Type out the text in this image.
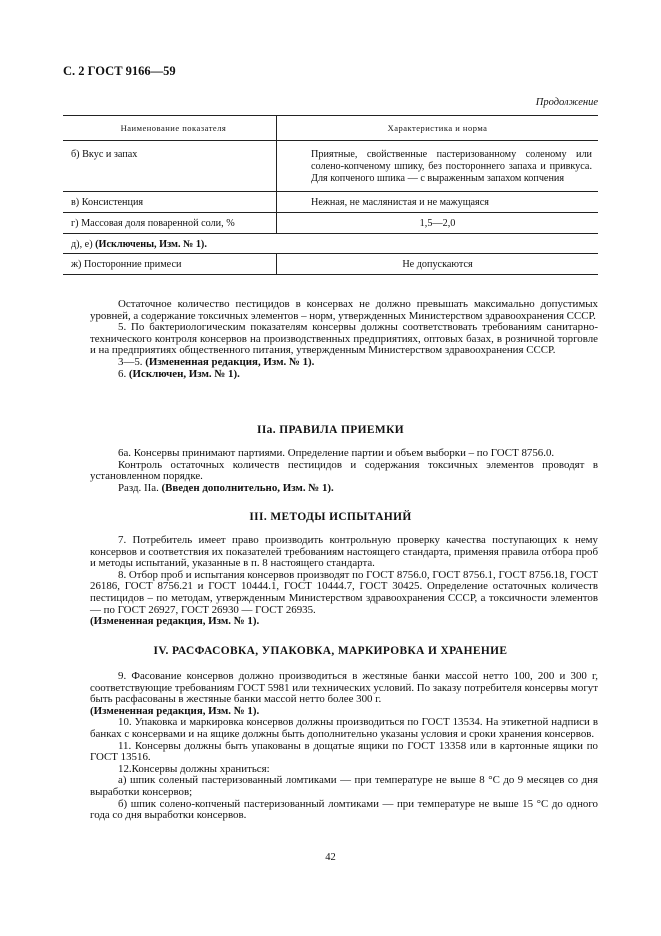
С. 2 ГОСТ 9166—59
Продолжение
Наименование показателя	Характеристика и норма
б) Вкус и запах	Приятные, свойственные пастеризованному соленому или солено-копченому шпику, без постороннего запаха и привкуса. Для копченого шпика — с выраженным запахом копчения
в) Консистенция	Нежная, не маслянистая и не мажущаяся
г) Массовая доля поваренной соли, %	1,5—2,0
д), е) (Исключены, Изм. № 1).	
ж) Посторонние примеси	Не допускаются

Остаточное количество пестицидов в консервах не должно превышать максимально допустимых уровней, а содержание токсичных элементов – норм, утвержденных Министерством здравоохранения СССР.

5. По бактериологическим показателям консервы должны соответствовать требованиям санитарно-технического контроля консервов на производственных предприятиях, оптовых базах, в розничной торговле и на предприятиях общественного питания, утвержденным Министерством здравоохранения СССР.

3—5. (Измененная редакция, Изм. № 1).

6. (Исключен, Изм. № 1).

IIа. ПРАВИЛА ПРИЕМКИ

6а. Консервы принимают партиями. Определение партии и объем выборки – по ГОСТ 8756.0.

Контроль остаточных количеств пестицидов и содержания токсичных элементов проводят в установленном порядке.

Разд. IIа. (Введен дополнительно, Изм. № 1).

III. МЕТОДЫ ИСПЫТАНИЙ

7. Потребитель имеет право производить контрольную проверку качества поступающих к нему консервов и соответствия их показателей требованиям настоящего стандарта, применяя правила отбора проб и методы испытаний, указанные в п. 8 настоящего стандарта.

8. Отбор проб и испытания консервов производят по ГОСТ 8756.0, ГОСТ 8756.1, ГОСТ 8756.18, ГОСТ 26186, ГОСТ 8756.21 и ГОСТ 10444.1, ГОСТ 10444.7, ГОСТ 30425. Определение остаточных количеств пестицидов – по методам, утвержденным Министерством здравоохранения СССР, а токсичности элементов — по ГОСТ 26927, ГОСТ 26930 — ГОСТ 26935.

(Измененная редакция, Изм. № 1).

IV. РАСФАСОВКА, УПАКОВКА, МАРКИРОВКА И ХРАНЕНИЕ

9. Фасование консервов должно производиться в жестяные банки массой нетто 100, 200 и 300 г, соответствующие требованиям ГОСТ 5981 или технических условий. По заказу потребителя консервы могут быть расфасованы в жестяные банки массой нетто более 300 г.

(Измененная редакция, Изм. № 1).

10. Упаковка и маркировка консервов должны производиться по ГОСТ 13534. На этикетной надписи в банках с консервами и на ящике должны быть дополнительно указаны условия и сроки хранения консервов.

11. Консервы должны быть упакованы в дощатые ящики по ГОСТ 13358 или в картонные ящики по ГОСТ 13516.

12.Консервы должны храниться:

а) шпик соленый пастеризованный ломтиками — при температуре не выше 8 °С до 9 месяцев со дня выработки консервов;

б) шпик солено-копченый пастеризованный ломтиками — при температуре не выше 15 °С до одного года со дня выработки консервов.

42
